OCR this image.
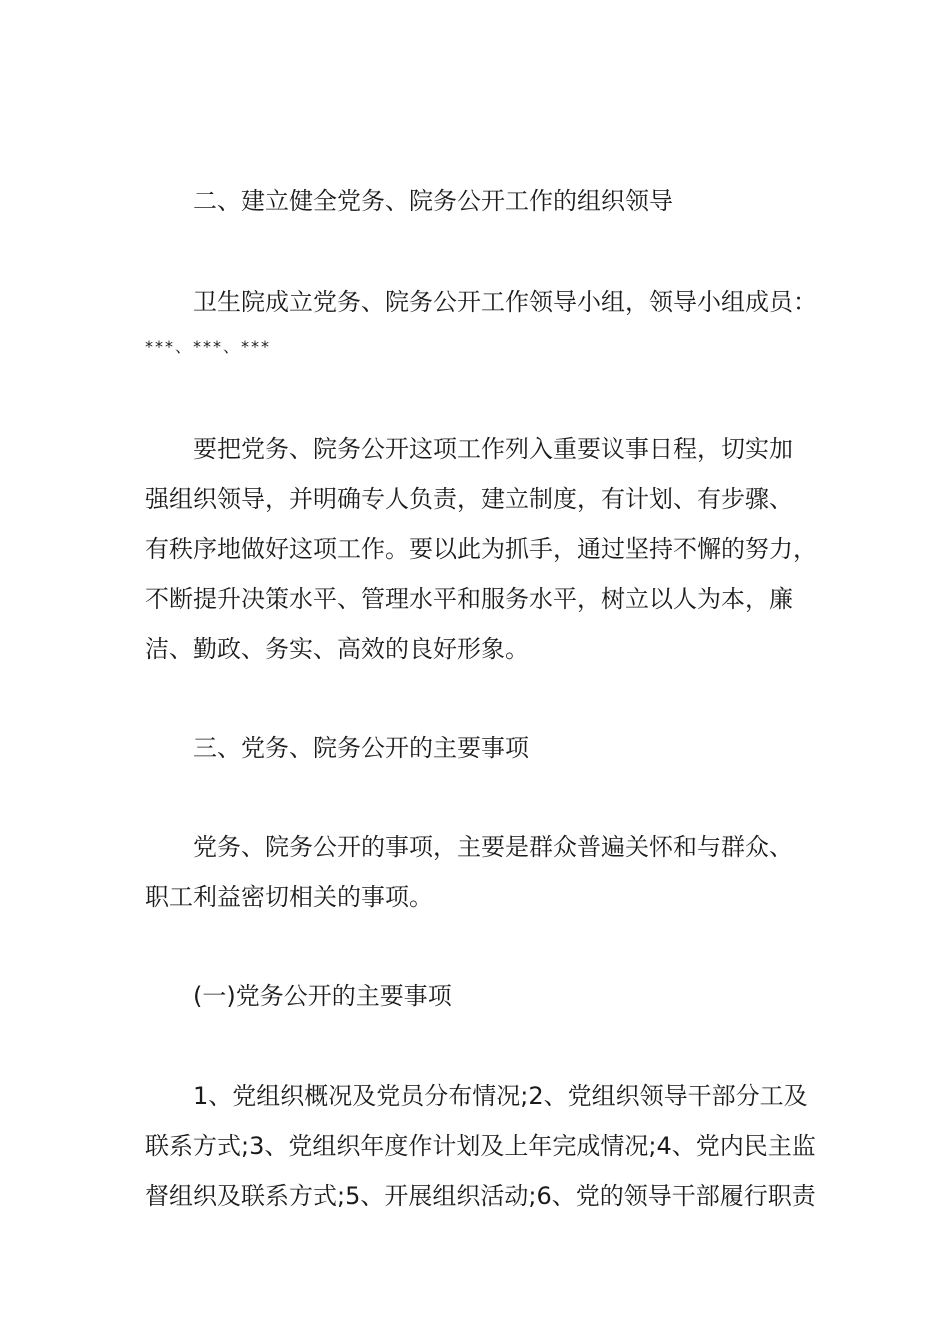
二、建立健全党务、院务公开工作的组织领导

卫生院成立党务、院务公开工作领导小组，领导小组成员：
***、***、***

要把党务、院务公开这项工作列入重要议事日程，切实加
强组织领导，并明确专人负责，建立制度，有计划、有步骤、
有秩序地做好这项工作。要以此为抓手，通过坚持不懈的努力，
不断提升决策水平、管理水平和服务水平，树立以人为本，廉
洁、勤政、务实、高效的良好形象。

三、党务、院务公开的主要事项

党务、院务公开的事项，主要是群众普遍关怀和与群众、
职工利益密切相关的事项。

(一)党务公开的主要事项

1、党组织概况及党员分布情况;2、党组织领导干部分工及
联系方式;3、党组织年度作计划及上年完成情况;4、党内民主监
督组织及联系方式;5、开展组织活动;6、党的领导干部履行职责
